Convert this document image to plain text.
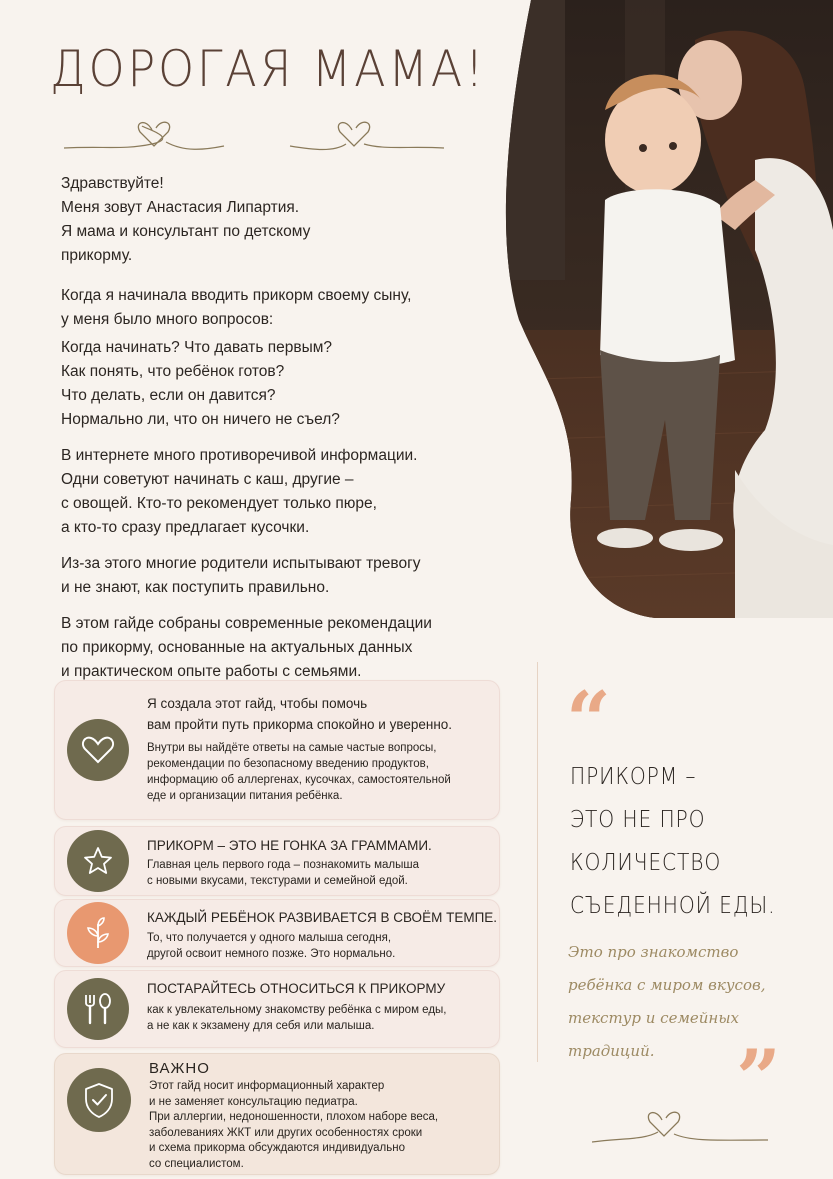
ДОРОГАЯ МАМА!

Здравствуйте!
Меня зовут Анастасия Липартия.
Я мама и консультант по детскому
прикорму.

Когда я начинала вводить прикорм своему сыну,
у меня было много вопросов:

Когда начинать? Что давать первым?
Как понять, что ребёнок готов?
Что делать, если он давится?
Нормально ли, что он ничего не съел?

В интернете много противоречивой информации.
Одни советуют начинать с каш, другие –
с овощей. Кто-то рекомендует только пюре,
а кто-то сразу предлагает кусочки.

Из-за этого многие родители испытывают тревогу
и не знают, как поступить правильно.

В этом гайде собраны современные рекомендации
по прикорму, основанные на актуальных данных
и практическом опыте работы с семьями.

Я создала этот гайд, чтобы помочь
вам пройти путь прикорма спокойно и уверенно.
Внутри вы найдёте ответы на самые частые вопросы,
рекомендации по безопасному введению продуктов,
информацию об аллергенах, кусочках, самостоятельной
еде и организации питания ребёнка.
ПРИКОРМ – ЭТО НЕ ГОНКА ЗА ГРАММАМИ.
Главная цель первого года – познакомить малыша
с новыми вкусами, текстурами и семейной едой.
КАЖДЫЙ РЕБЁНОК РАЗВИВАЕТСЯ В СВОЁМ ТЕМПЕ.
То, что получается у одного малыша сегодня,
другой освоит немного позже. Это нормально.
ПОСТАРАЙТЕСЬ ОТНОСИТЬСЯ К ПРИКОРМУ
как к увлекательному знакомству ребёнка с миром еды,
а не как к экзамену для себя или малыша.
ВАЖНО
Этот гайд носит информационный характер
и не заменяет консультацию педиатра.
При аллергии, недоношенности, плохом наборе веса,
заболеваниях ЖКТ или других особенностях сроки
и схема прикорма обсуждаются индивидуально
со специалистом.
“
ПРИКОРМ –
ЭТО НЕ ПРО
КОЛИЧЕСТВО
СЪЕДЕННОЙ ЕДЫ.
Это про знакомство
ребёнка с миром вкусов,
текстур и семейных
традиций.	”
